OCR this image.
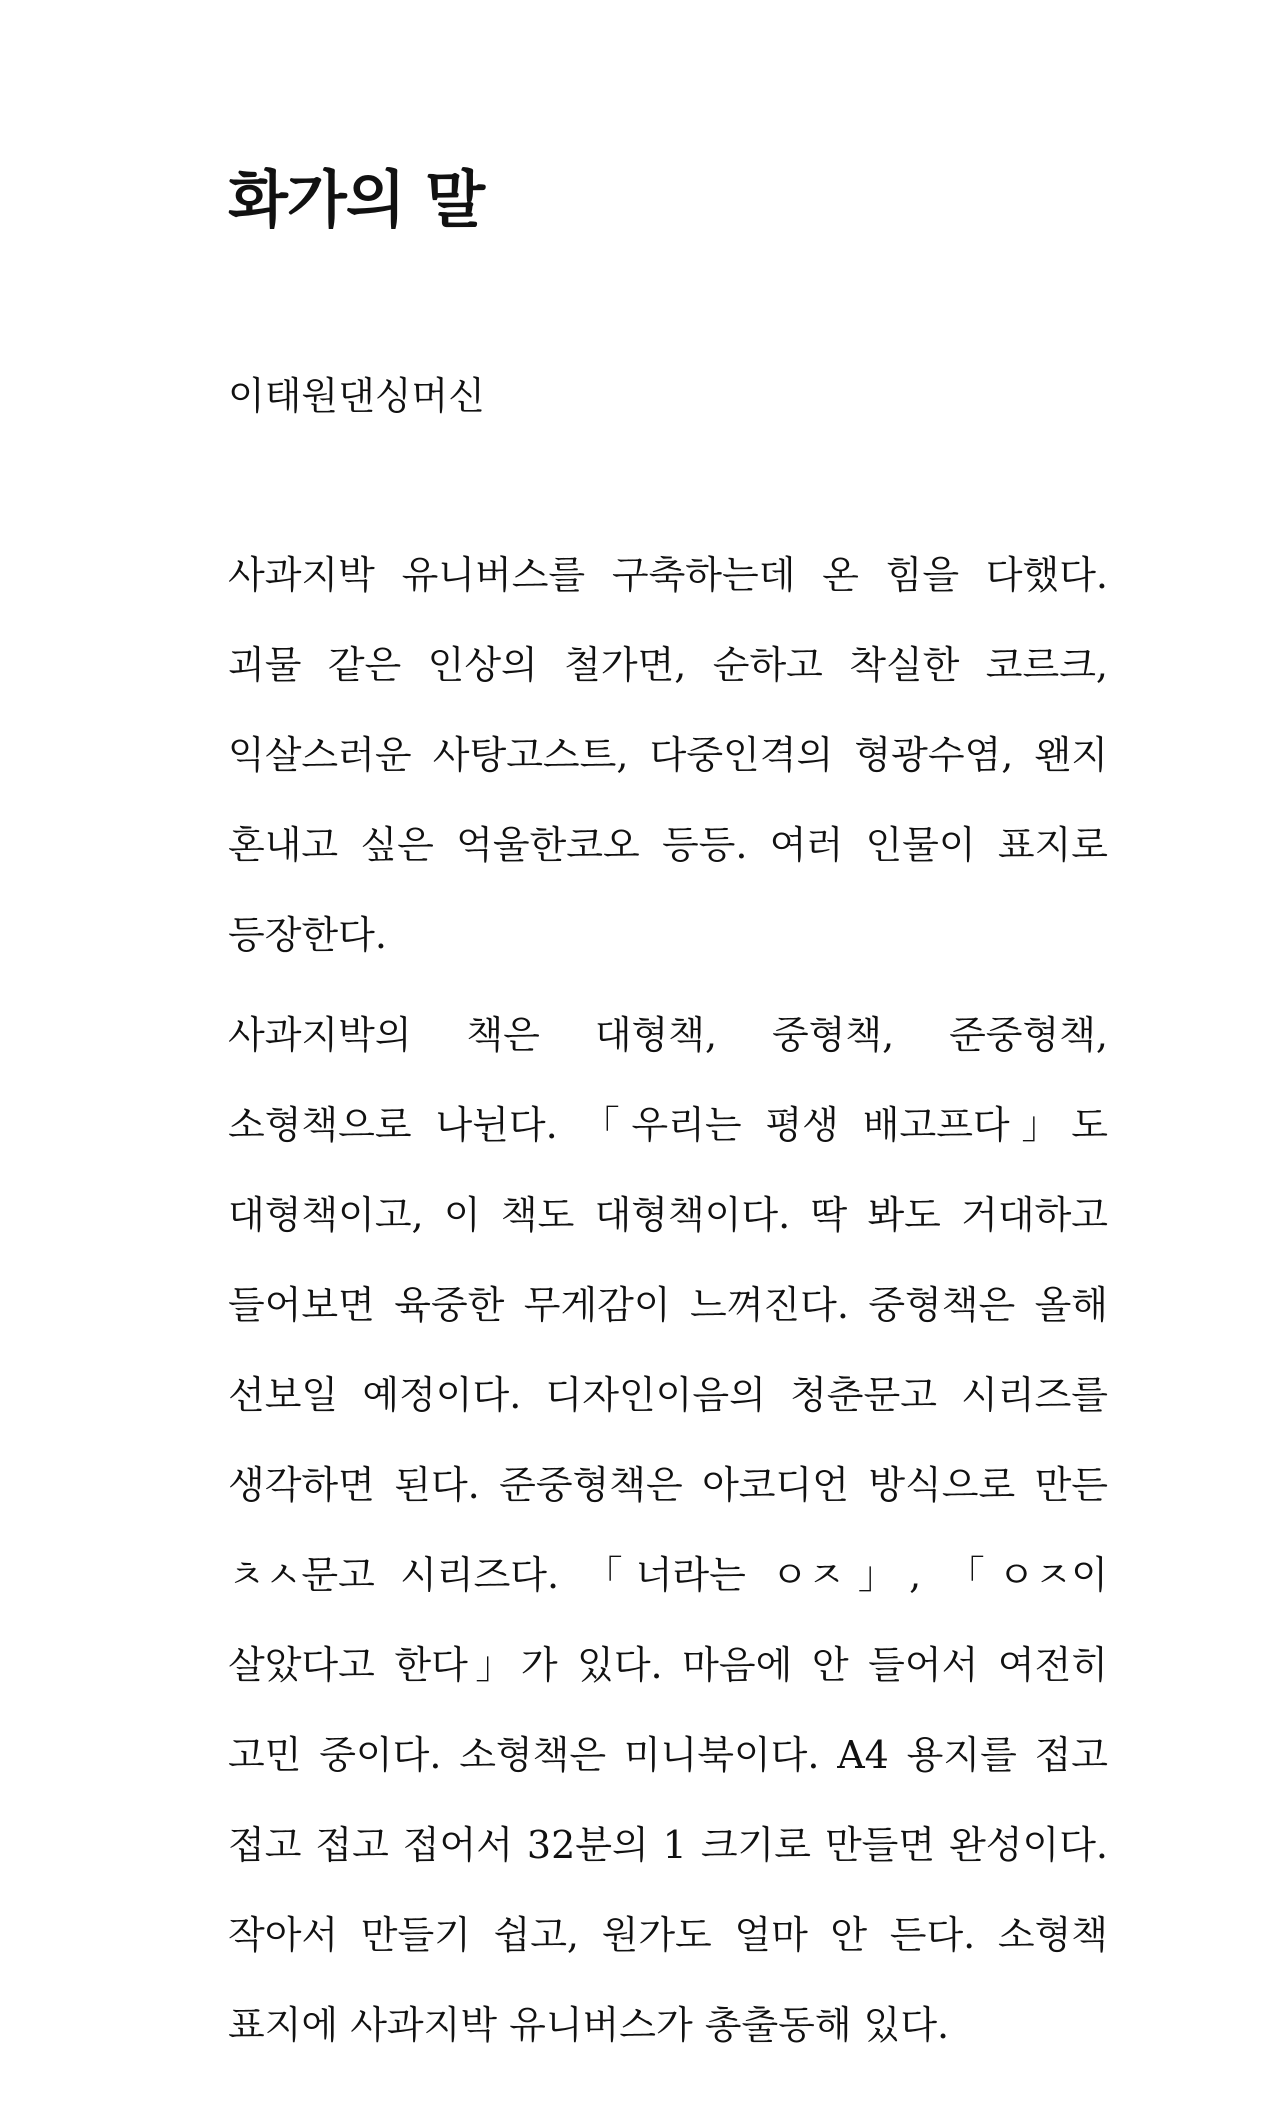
화가의 말

이태원댄싱머신

사과지박 유니버스를 구축하는데 온 힘을 다했다. 괴물 같은 인상의 철가면, 순하고 착실한 코르크, 익살스러운 사탕고스트, 다중인격의 형광수염, 왠지 혼내고 싶은 억울한코오 등등. 여러 인물이 표지로 등장한다.

사과지박의 책은 대형책, 중형책, 준중형책, 소형책으로 나뉜다. 「우리는 평생 배고프다」도 대형책이고, 이 책도 대형책이다. 딱 봐도 거대하고 들어보면 육중한 무게감이 느껴진다. 중형책은 올해 선보일 예정이다. 디자인이음의 청춘문고 시리즈를 생각하면 된다. 준중형책은 아코디언 방식으로 만든 ㅊㅅ문고 시리즈다. 「너라는 ㅇㅈ」, 「ㅇㅈ이 살았다고 한다」가 있다. 마음에 안 들어서 여전히 고민 중이다. 소형책은 미니북이다. A4 용지를 접고 접고 접고 접어서 32분의 1 크기로 만들면 완성이다. 작아서 만들기 쉽고, 원가도 얼마 안 든다. 소형책 표지에 사과지박 유니버스가 총출동해 있다.
